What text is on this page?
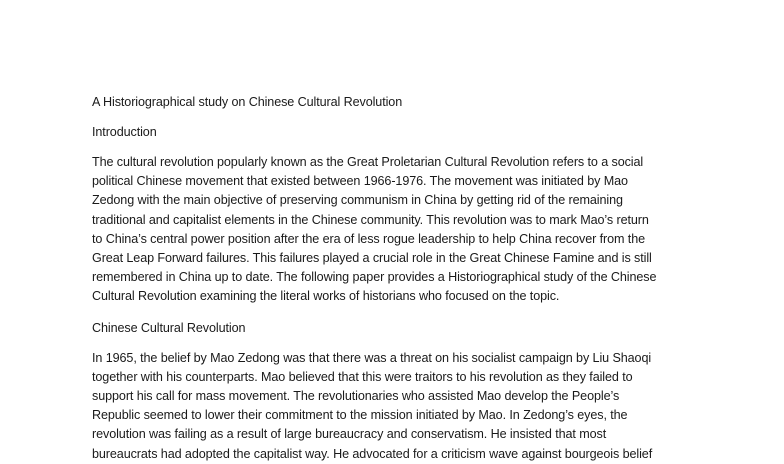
A Historiographical study on Chinese Cultural Revolution

Introduction

The cultural revolution popularly known as the Great Proletarian Cultural Revolution refers to a social
political Chinese movement that existed between 1966-1976. The movement was initiated by Mao
Zedong with the main objective of preserving communism in China by getting rid of the remaining
traditional and capitalist elements in the Chinese community. This revolution was to mark Mao’s return
to China’s central power position after the era of less rogue leadership to help China recover from the
Great Leap Forward failures. This failures played a crucial role in the Great Chinese Famine and is still
remembered in China up to date. The following paper provides a Historiographical study of the Chinese
Cultural Revolution examining the literal works of historians who focused on the topic.

Chinese Cultural Revolution

In 1965, the belief by Mao Zedong was that there was a threat on his socialist campaign by Liu Shaoqi
together with his counterparts. Mao believed that this were traitors to his revolution as they failed to
support his call for mass movement. The revolutionaries who assisted Mao develop the People’s
Republic seemed to lower their commitment to the mission initiated by Mao. In Zedong’s eyes, the
revolution was failing as a result of large bureaucracy and conservatism. He insisted that most
bureaucrats had adopted the capitalist way. He advocated for a criticism wave against bourgeois belief
